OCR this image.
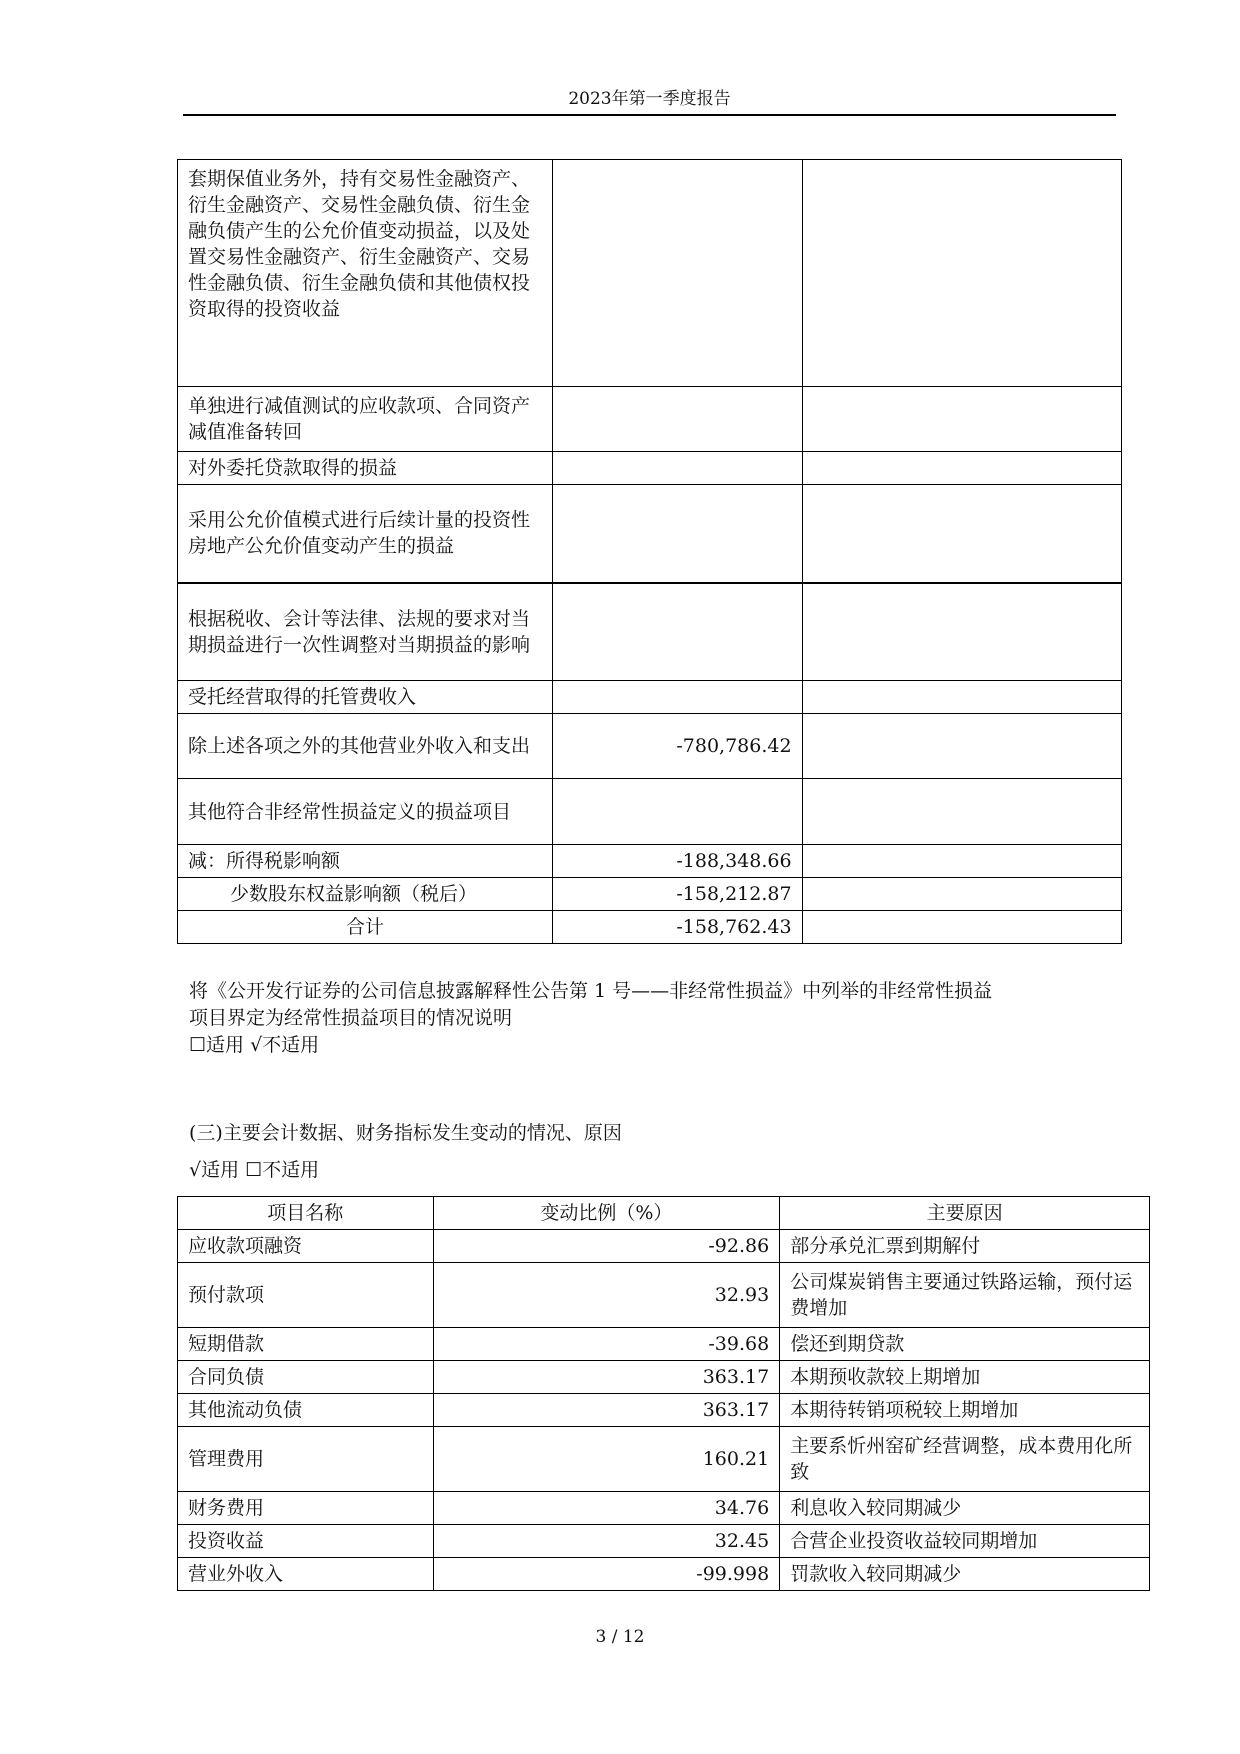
2023年第一季度报告
套期保值业务外，持有交易性金融资产、衍生金融资产、交易性金融负债、衍生金融负债产生的公允价值变动损益，以及处置交易性金融资产、衍生金融资产、交易性金融负债、衍生金融负债和其他债权投资取得的投资收益		
单独进行减值测试的应收款项、合同资产减值准备转回		
对外委托贷款取得的损益		
采用公允价值模式进行后续计量的投资性房地产公允价值变动产生的损益		
根据税收、会计等法律、法规的要求对当期损益进行一次性调整对当期损益的影响		
受托经营取得的托管费收入		
除上述各项之外的其他营业外收入和支出	-780,786.42	
其他符合非经常性损益定义的损益项目		
减：所得税影响额	-188,348.66	
少数股东权益影响额（税后）	-158,212.87	
合计	-158,762.43	
将《公开发行证券的公司信息披露解释性公告第 1 号——非经常性损益》中列举的非经常性损益
项目界定为经常性损益项目的情况说明
☐适用 √不适用
(三)主要会计数据、财务指标发生变动的情况、原因
√适用 ☐不适用
项目名称	变动比例（%）	主要原因
应收款项融资	-92.86	部分承兑汇票到期解付
预付款项	32.93	公司煤炭销售主要通过铁路运输，预付运费增加
短期借款	-39.68	偿还到期贷款
合同负债	363.17	本期预收款较上期增加
其他流动负债	363.17	本期待转销项税较上期增加
管理费用	160.21	主要系忻州窑矿经营调整，成本费用化所致
财务费用	34.76	利息收入较同期减少
投资收益	32.45	合营企业投资收益较同期增加
营业外收入	-99.998	罚款收入较同期减少
3 / 12
